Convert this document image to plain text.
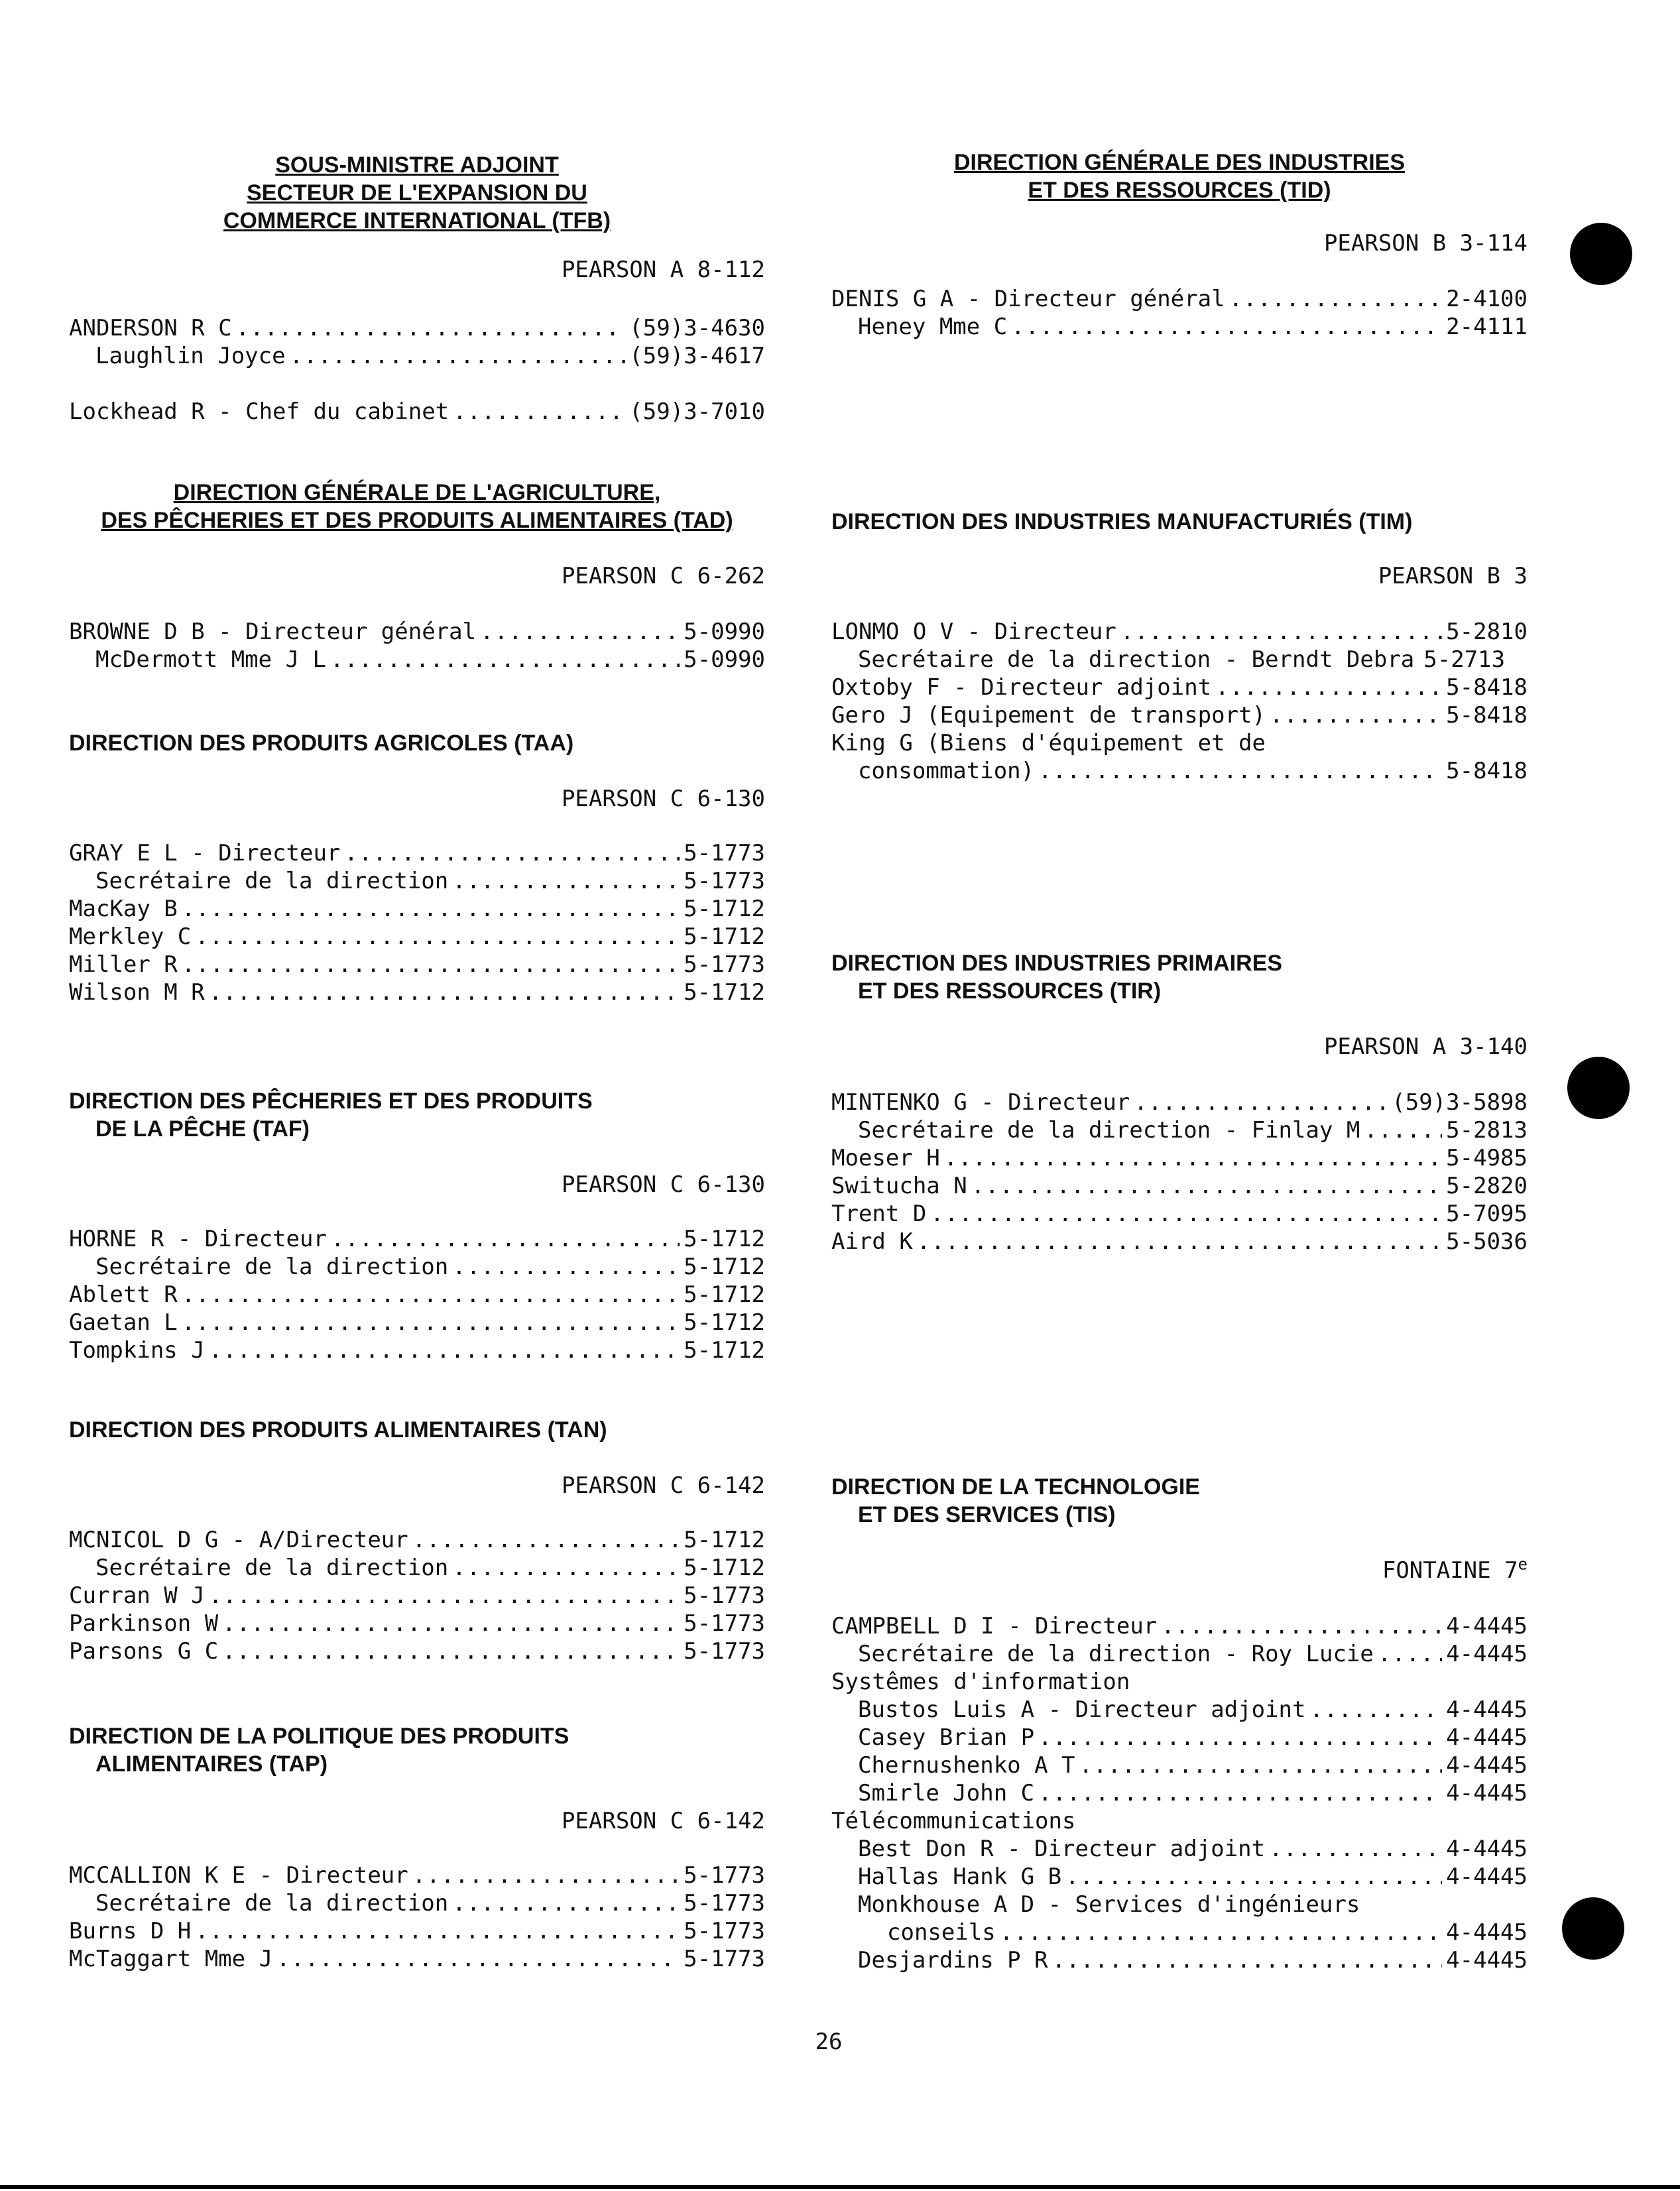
SOUS-MINISTRE ADJOINT
SECTEUR DE L'EXPANSION DU
COMMERCE INTERNATIONAL (TFB)
PEARSON A 8-112
ANDERSON R C .....	(59)3-4630
Laughlin Joyce .....	(59)3-4617
Lockhead R - Chef du cabinet .....	(59)3-7010
DIRECTION GÉNÉRALE DE L'AGRICULTURE,
DES PÊCHERIES ET DES PRODUITS ALIMENTAIRES (TAD)
PEARSON C 6-262
BROWNE D B - Directeur général .....	5-0990
McDermott Mme J L .....	5-0990
DIRECTION DES PRODUITS AGRICOLES (TAA)
PEARSON C 6-130
GRAY E L - Directeur .....	5-1773
Secrétaire de la direction .....	5-1773
MacKay B .....	5-1712
Merkley C .....	5-1712
Miller R .....	5-1773
Wilson M R .....	5-1712
DIRECTION DES PÊCHERIES ET DES PRODUITS
DE LA PÊCHE (TAF)
PEARSON C 6-130
HORNE R - Directeur .....	5-1712
Secrétaire de la direction .....	5-1712
Ablett R .....	5-1712
Gaetan L .....	5-1712
Tompkins J .....	5-1712
DIRECTION DES PRODUITS ALIMENTAIRES (TAN)
PEARSON C 6-142
MCNICOL D G - A/Directeur .....	5-1712
Secrétaire de la direction .....	5-1712
Curran W J .....	5-1773
Parkinson W .....	5-1773
Parsons G C .....	5-1773
DIRECTION DE LA POLITIQUE DES PRODUITS
ALIMENTAIRES (TAP)
PEARSON C 6-142
MCCALLION K E - Directeur .....	5-1773
Secrétaire de la direction .....	5-1773
Burns D H .....	5-1773
McTaggart Mme J .....	5-1773
DIRECTION GÉNÉRALE DES INDUSTRIES
ET DES RESSOURCES (TID)
PEARSON B 3-114
DENIS G A - Directeur général .....	2-4100
Heney Mme C .....	2-4111
DIRECTION DES INDUSTRIES MANUFACTURIÉS (TIM)
PEARSON B 3
LONMO O V - Directeur .....	5-2810
Secrétaire de la direction - Berndt Debra 5-2713
Oxtoby F - Directeur adjoint .....	5-8418
Gero J (Equipement de transport) .....	5-8418
King G (Biens d'équipement et de
consommation) .....	5-8418
DIRECTION DES INDUSTRIES PRIMAIRES
ET DES RESSOURCES (TIR)
PEARSON A 3-140
MINTENKO G - Directeur .....	(59)3-5898
Secrétaire de la direction - Finlay M .....	5-2813
Moeser H .....	5-4985
Switucha N .....	5-2820
Trent D .....	5-7095
Aird K .....	5-5036
DIRECTION DE LA TECHNOLOGIE
ET DES SERVICES (TIS)
FONTAINE 7e
CAMPBELL D I - Directeur .....	4-4445
Secrétaire de la direction - Roy Lucie .....	4-4445
Systêmes d'information
Bustos Luis A - Directeur adjoint .....	4-4445
Casey Brian P .....	4-4445
Chernushenko A T .....	4-4445
Smirle John C .....	4-4445
Télécommunications
Best Don R - Directeur adjoint .....	4-4445
Hallas Hank G B .....	4-4445
Monkhouse A D - Services d'ingénieurs
conseils .....	4-4445
Desjardins P R .....	4-4445
26
